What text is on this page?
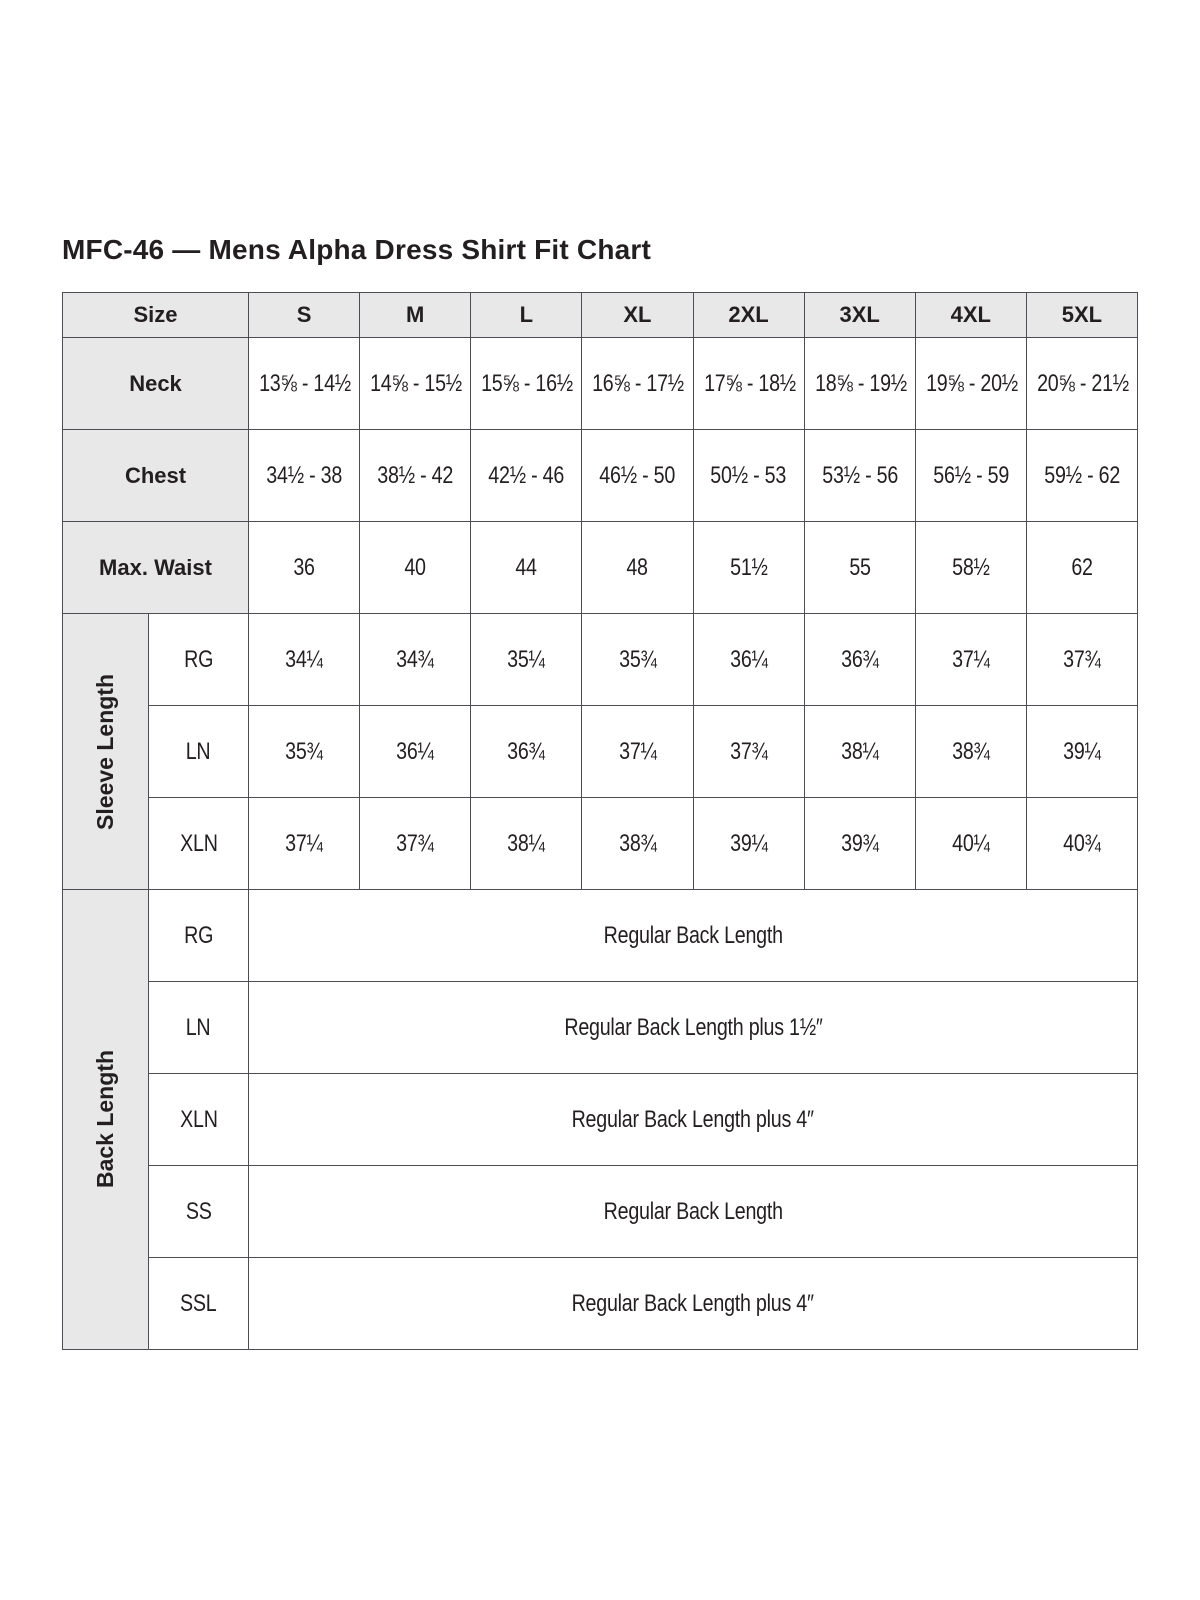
MFC-46 — Mens Alpha Dress Shirt Fit Chart
Size		S	M	L	XL	2XL	3XL	4XL	5XL
Neck		13⅝ - 14½	14⅝ - 15½	15⅝ - 16½	16⅝ - 17½	17⅝ - 18½	18⅝ - 19½	19⅝ - 20½	20⅝ - 21½
Chest		34½ - 38	38½ - 42	42½ - 46	46½ - 50	50½ - 53	53½ - 56	56½ - 59	59½ - 62
Max. Waist		36	40	44	48	51½	55	58½	62

Sleeve Length	RG	34¼	34¾	35¼	35¾	36¼	36¾	37¼	37¾
	LN	35¾	36¼	36¾	37¼	37¾	38¼	38¾	39¼
	XLN	37¼	37¾	38¼	38¾	39¼	39¾	40¼	40¾

Back Length	RG	Regular Back Length							
	LN	Regular Back Length plus 1½″							
	XLN	Regular Back Length plus 4″							
	SS	Regular Back Length							
	SSL	Regular Back Length plus 4″							
